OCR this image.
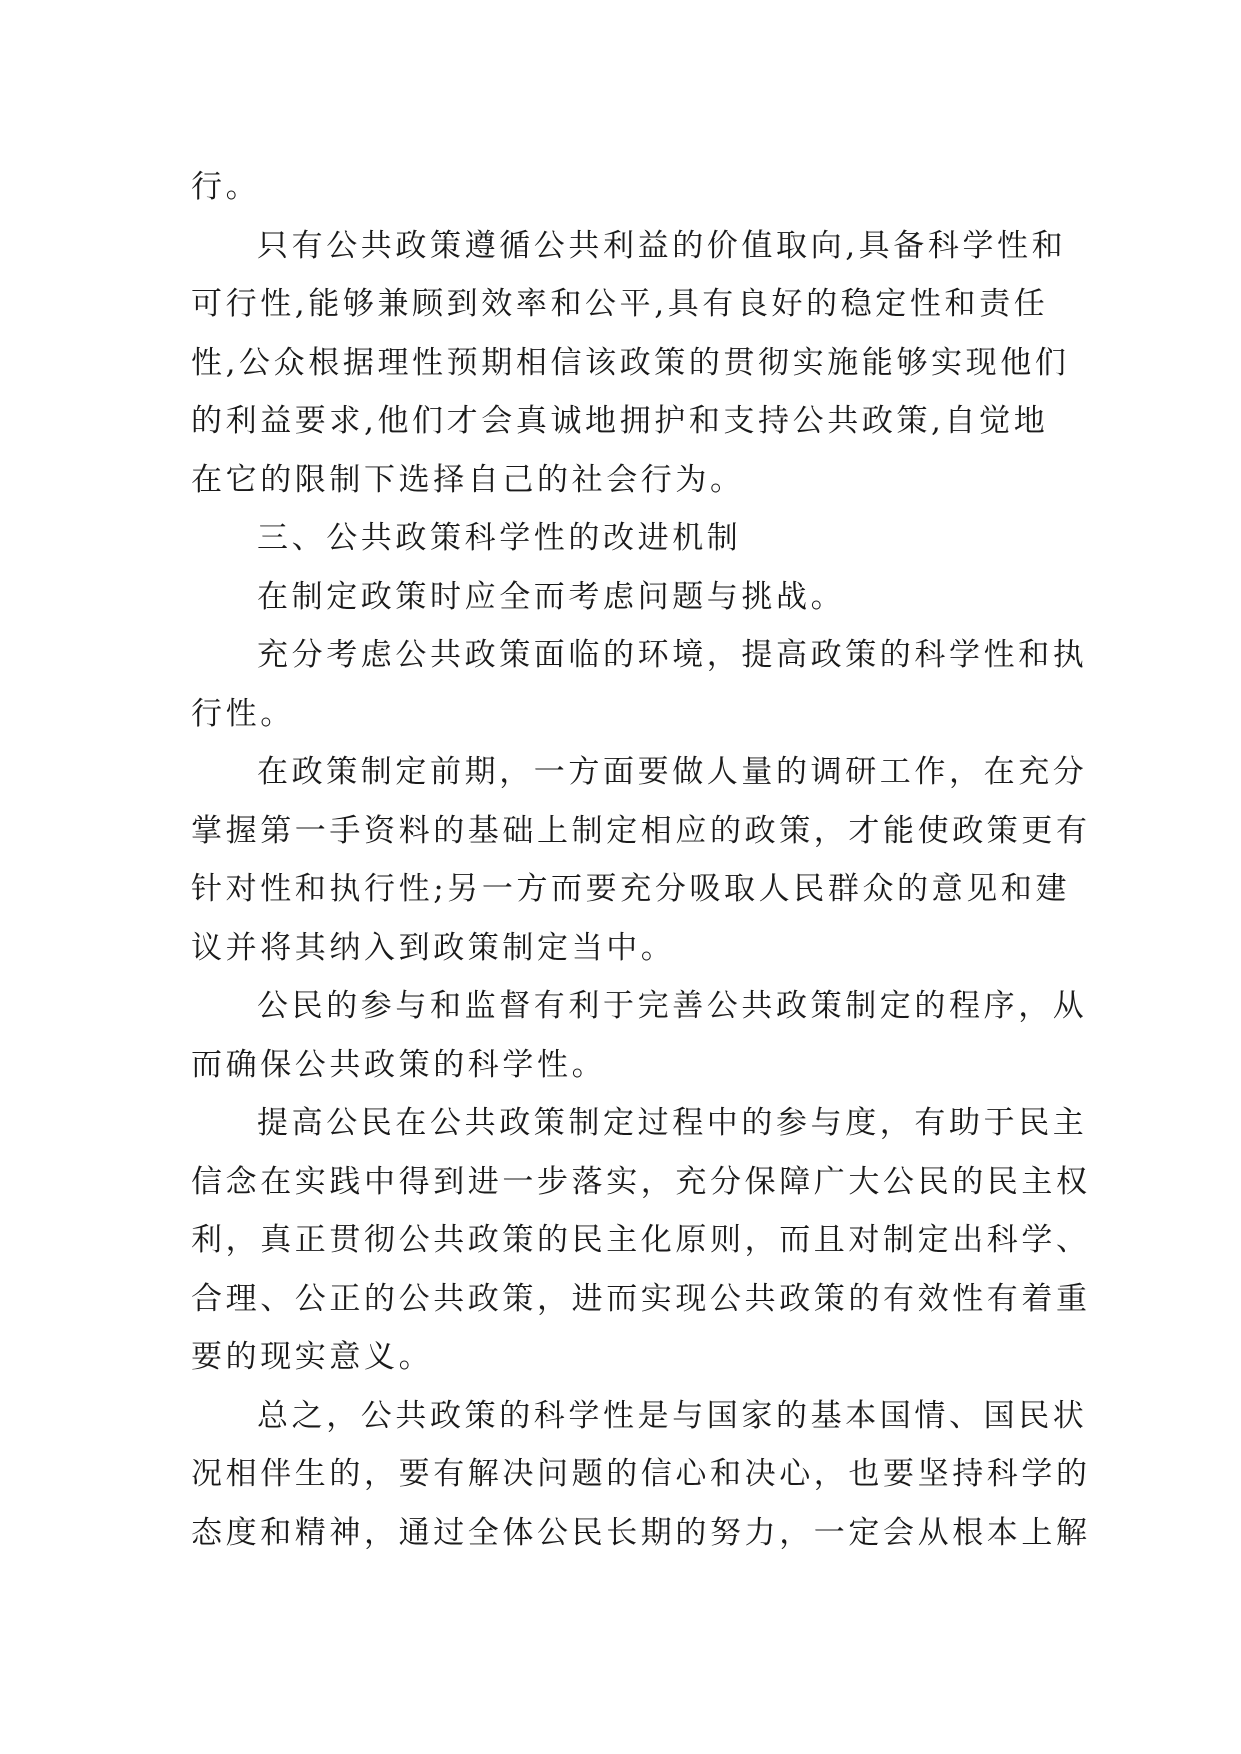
行。
只有公共政策遵循公共利益的价值取向,具备科学性和
可行性,能够兼顾到效率和公平,具有良好的稳定性和责任
性,公众根据理性预期相信该政策的贯彻实施能够实现他们
的利益要求,他们才会真诚地拥护和支持公共政策,自觉地
在它的限制下选择自己的社会行为。
三、公共政策科学性的改进机制
在制定政策时应全而考虑问题与挑战。
充分考虑公共政策面临的环境，提高政策的科学性和执
行性。
在政策制定前期，一方面要做人量的调研工作，在充分
掌握第一手资料的基础上制定相应的政策，才能使政策更有
针对性和执行性;另一方而要充分吸取人民群众的意见和建
议并将其纳入到政策制定当中。
公民的参与和监督有利于完善公共政策制定的程序，从
而确保公共政策的科学性。
提高公民在公共政策制定过程中的参与度，有助于民主
信念在实践中得到进一步落实，充分保障广大公民的民主权
利，真正贯彻公共政策的民主化原则，而且对制定出科学、
合理、公正的公共政策，进而实现公共政策的有效性有着重
要的现实意义。
总之，公共政策的科学性是与国家的基本国情、国民状
况相伴生的，要有解决问题的信心和决心，也要坚持科学的
态度和精神，通过全体公民长期的努力，一定会从根本上解
